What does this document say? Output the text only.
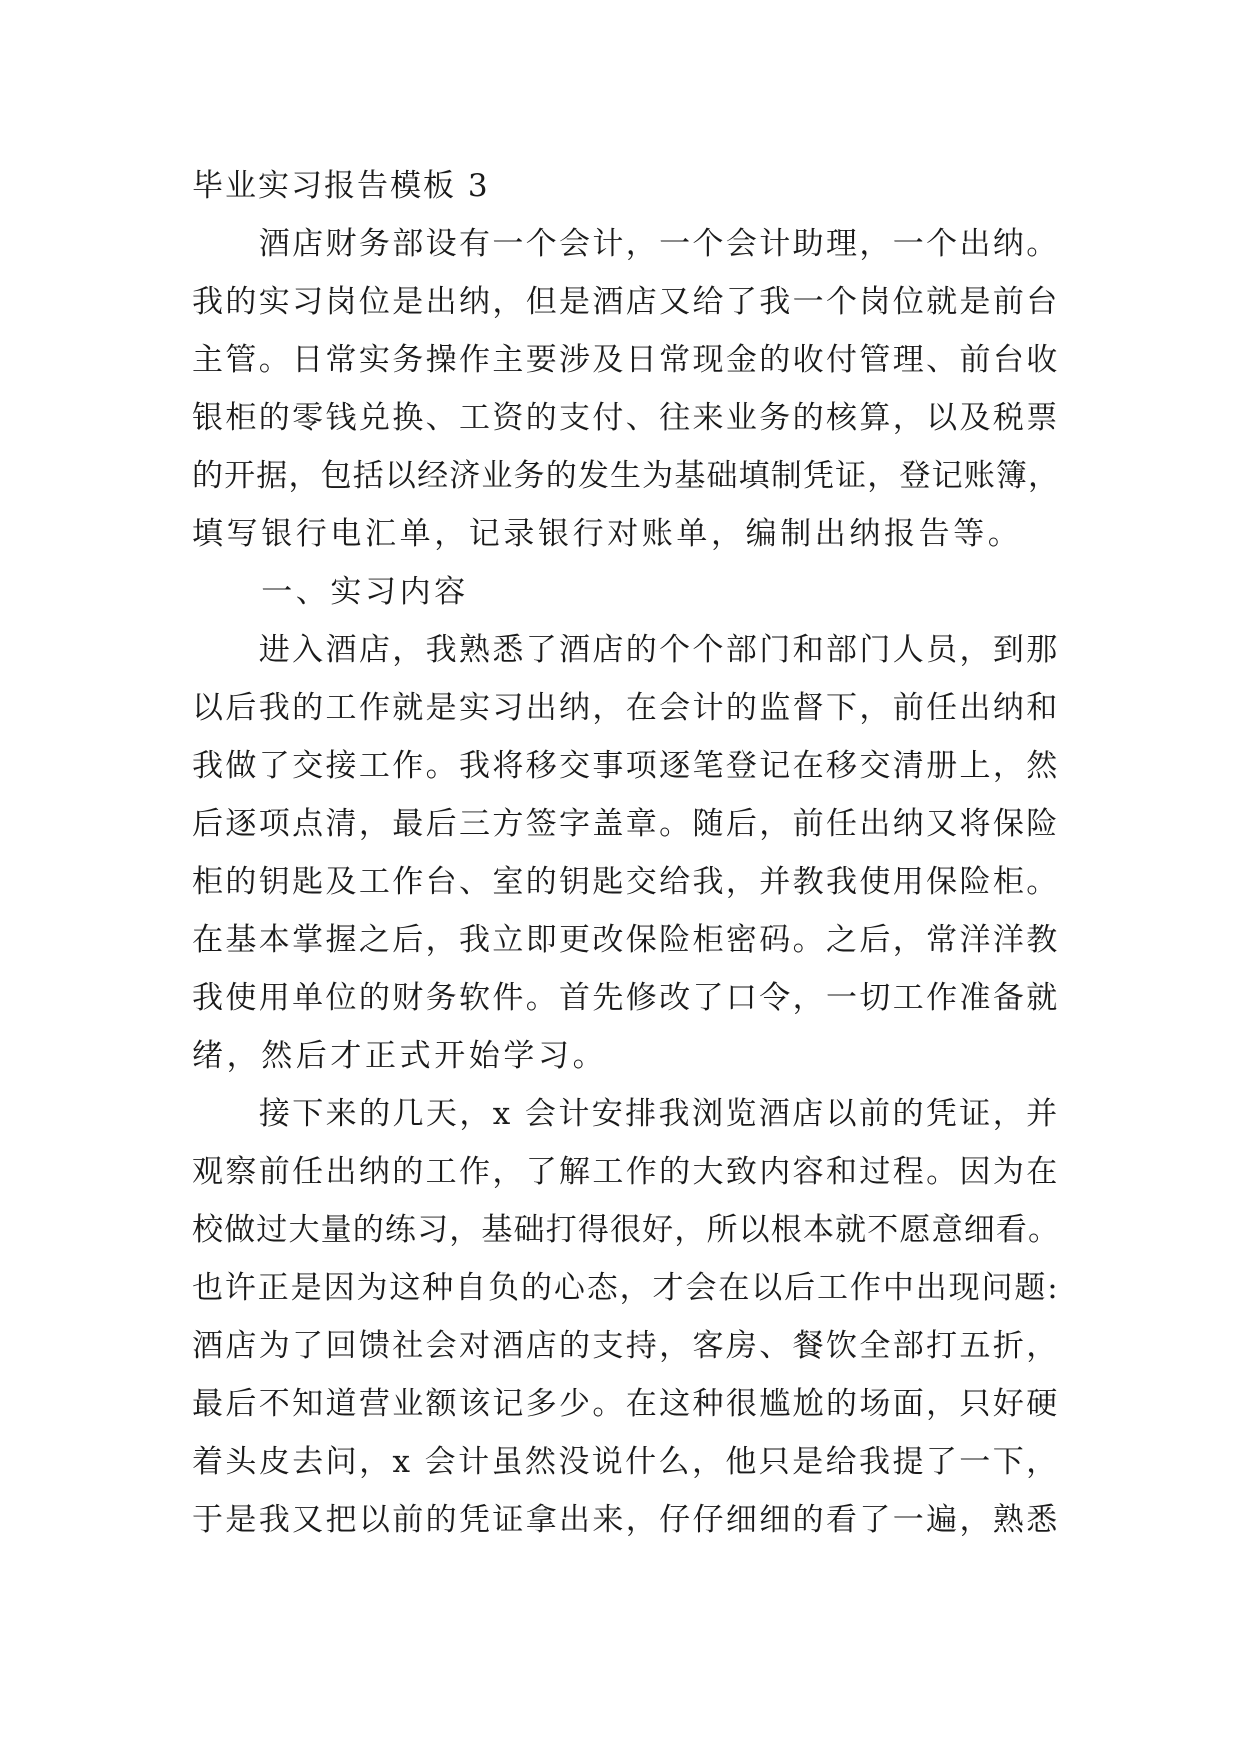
毕业实习报告模板 3
　　酒店财务部设有一个会计，一个会计助理，一个出纳。
我的实习岗位是出纳，但是酒店又给了我一个岗位就是前台
主管。日常实务操作主要涉及日常现金的收付管理、前台收
银柜的零钱兑换、工资的支付、往来业务的核算，以及税票
的开据，包括以经济业务的发生为基础填制凭证，登记账簿，
填写银行电汇单，记录银行对账单，编制出纳报告等。
　　一、实习内容
　　进入酒店，我熟悉了酒店的个个部门和部门人员，到那
以后我的工作就是实习出纳，在会计的监督下，前任出纳和
我做了交接工作。我将移交事项逐笔登记在移交清册上，然
后逐项点清，最后三方签字盖章。随后，前任出纳又将保险
柜的钥匙及工作台、室的钥匙交给我，并教我使用保险柜。
在基本掌握之后，我立即更改保险柜密码。之后，常洋洋教
我使用单位的财务软件。首先修改了口令，一切工作准备就
绪，然后才正式开始学习。
　　接下来的几天，x 会计安排我浏览酒店以前的凭证，并
观察前任出纳的工作，了解工作的大致内容和过程。因为在
校做过大量的练习，基础打得很好，所以根本就不愿意细看。
也许正是因为这种自负的心态，才会在以后工作中出现问题:
酒店为了回馈社会对酒店的支持，客房、餐饮全部打五折，
最后不知道营业额该记多少。在这种很尴尬的场面，只好硬
着头皮去问，x 会计虽然没说什么，他只是给我提了一下，
于是我又把以前的凭证拿出来，仔仔细细的看了一遍，熟悉
